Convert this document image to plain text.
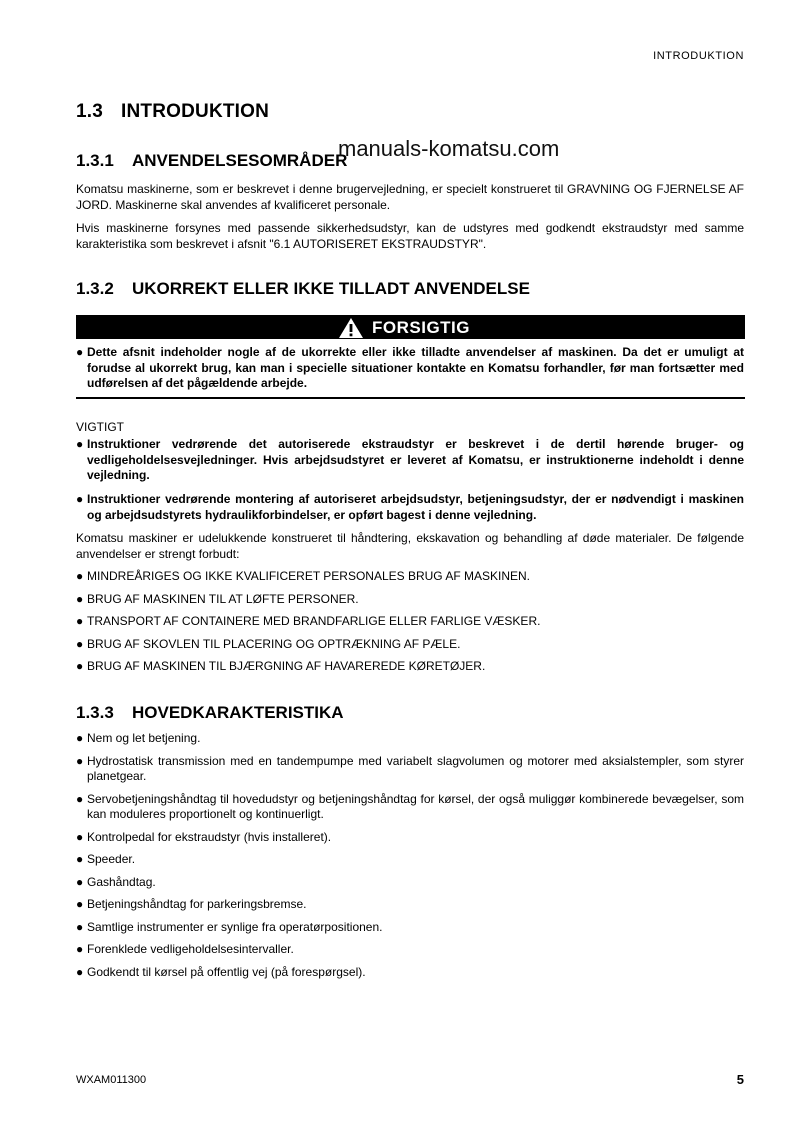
INTRODUKTION
1.3 INTRODUKTION
1.3.1 ANVENDELSESOMRÅDER
manuals-komatsu.com
Komatsu maskinerne, som er beskrevet i denne brugervejledning, er specielt konstrueret til GRAVNING OG FJERNELSE AF JORD. Maskinerne skal anvendes af kvalificeret personale.
Hvis maskinerne forsynes med passende sikkerhedsudstyr, kan de udstyres med godkendt ekstraudstyr med samme karakteristika som beskrevet i afsnit "6.1 AUTORISERET EKSTRAUDSTYR".
1.3.2 UKORREKT ELLER IKKE TILLADT ANVENDELSE
FORSIGTIG
● Dette afsnit indeholder nogle af de ukorrekte eller ikke tilladte anvendelser af maskinen. Da det er umuligt at forudse al ukorrekt brug, kan man i specielle situationer kontakte en Komatsu forhandler, før man fortsætter med udførelsen af det pågældende arbejde.
VIGTIGT
● Instruktioner vedrørende det autoriserede ekstraudstyr er beskrevet i de dertil hørende bruger- og vedligeholdelsesvejledninger. Hvis arbejdsudstyret er leveret af Komatsu, er instruktionerne indeholdt i denne vejledning.
● Instruktioner vedrørende montering af autoriseret arbejdsudstyr, betjeningsudstyr, der er nødvendigt i maskinen og arbejdsudstyrets hydraulikforbindelser, er opført bagest i denne vejledning.
Komatsu maskiner er udelukkende konstrueret til håndtering, ekskavation og behandling af døde materialer. De følgende anvendelser er strengt forbudt:
● MINDREÅRIGES OG IKKE KVALIFICERET PERSONALES BRUG AF MASKINEN.
● BRUG AF MASKINEN TIL AT LØFTE PERSONER.
● TRANSPORT AF CONTAINERE MED BRANDFARLIGE ELLER FARLIGE VÆSKER.
● BRUG AF SKOVLEN TIL PLACERING OG OPTRÆKNING AF PÆLE.
● BRUG AF MASKINEN TIL BJÆRGNING AF HAVAREREDE KØRETØJER.
1.3.3 HOVEDKARAKTERISTIKA
● Nem og let betjening.
● Hydrostatisk transmission med en tandempumpe med variabelt slagvolumen og motorer med aksialstempler, som styrer planetgear.
● Servobetjeningshåndtag til hovedudstyr og betjeningshåndtag for kørsel, der også muliggør kombinerede bevægelser, som kan moduleres proportionelt og kontinuerligt.
● Kontrolpedal for ekstraudstyr (hvis installeret).
● Speeder.
● Gashåndtag.
● Betjeningshåndtag for parkeringsbremse.
● Samtlige instrumenter er synlige fra operatørpositionen.
● Forenklede vedligeholdelsesintervaller.
● Godkendt til kørsel på offentlig vej (på forespørgsel).
WXAM011300	5
